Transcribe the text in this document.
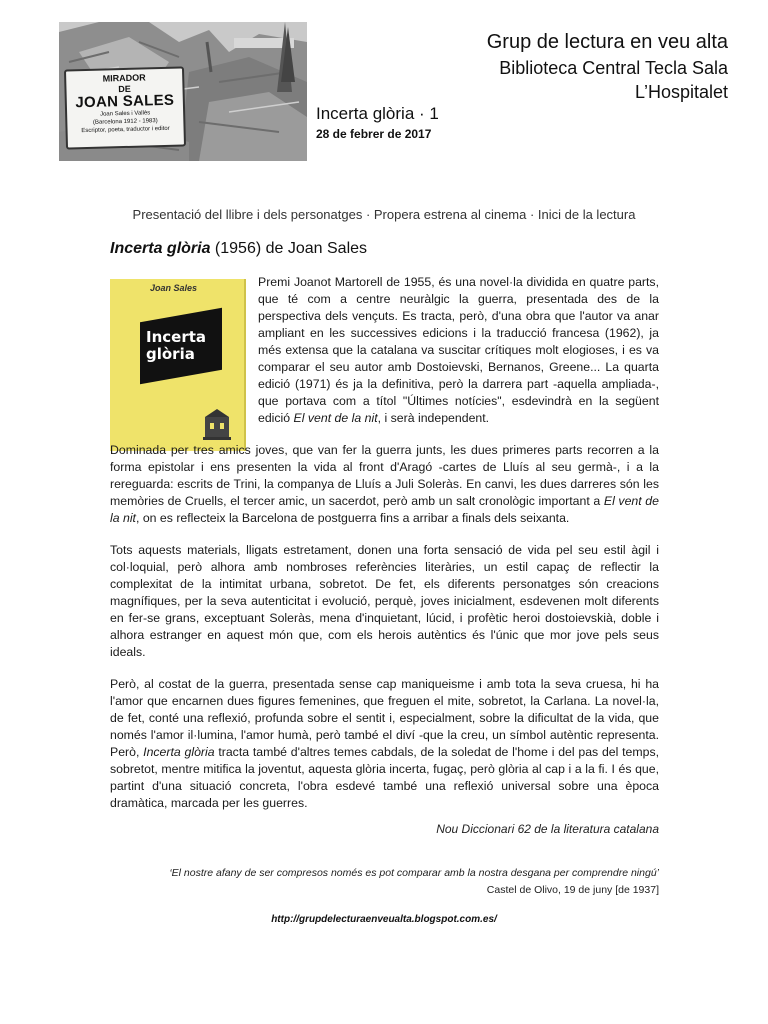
MIRADOR
DE
JOAN SALES
Joan Sales i Vallès
(Barcelona 1912 - 1983)
Escriptor, poeta, traductor i editor
Grup de lectura en veu alta
Biblioteca Central Tecla Sala
L’Hospitalet
Incerta glòria · 1
28 de febrer de 2017
Presentació del llibre i dels personatges · Propera estrena al cinema · Inici de la lectura
Incerta glòria (1956) de Joan Sales
Joan Sales
Incerta
glòria

Premi Joanot Martorell de 1955, és una novel·la dividida en quatre parts, que té com a centre neuràlgic la guerra, presentada des de la perspectiva dels vençuts. Es tracta, però, d'una obra que l'autor va anar ampliant en les successives edicions i la traducció francesa (1962), ja més extensa que la catalana va suscitar crítiques molt elogioses, i es va comparar el seu autor amb Dostoievski, Bernanos, Greene... La quarta edició (1971) és ja la definitiva, però la darrera part -aquella ampliada-, que portava com a títol "Últimes notícies", esdevindrà en la següent edició El vent de la nit, i serà independent.

Dominada per tres amics joves, que van fer la guerra junts, les dues primeres parts recorren a la forma epistolar i ens presenten la vida al front d'Aragó -cartes de Lluís al seu germà-, i a la rereguarda: escrits de Trini, la companya de Lluís a Juli Soleràs. En canvi, les dues darreres són les memòries de Cruells, el tercer amic, un sacerdot, però amb un salt cronològic important a El vent de la nit, on es reflecteix la Barcelona de postguerra fins a arribar a finals dels seixanta.

Tots aquests materials, lligats estretament, donen una forta sensació de vida pel seu estil àgil i col·loquial, però alhora amb nombroses referències literàries, un estil capaç de reflectir la complexitat de la intimitat urbana, sobretot. De fet, els diferents personatges són creacions magnífiques, per la seva autenticitat i evolució, perquè, joves inicialment, esdevenen molt diferents en fer-se grans, exceptuant Soleràs, mena d'inquietant, lúcid, i profètic heroi dostoievskià, doble i alhora estranger en aquest món que, com els herois autèntics és l'únic que mor jove pels seus ideals.

Però, al costat de la guerra, presentada sense cap maniqueisme i amb tota la seva cruesa, hi ha l'amor que encarnen dues figures femenines, que freguen el mite, sobretot, la Carlana. La novel·la, de fet, conté una reflexió, profunda sobre el sentit i, especialment, sobre la dificultat de la vida, que només l'amor il·lumina, l'amor humà, però també el diví -que la creu, un símbol autèntic representa. Però, Incerta glòria tracta també d'altres temes cabdals, de la soledat de l'home i del pas del temps, sobretot, mentre mitifica la joventut, aquesta glòria incerta, fugaç, però glòria al cap i a la fi. I és que, partint d'una situació concreta, l'obra esdevé també una reflexió universal sobre una època dramàtica, marcada per les guerres.

Nou Diccionari 62 de la literatura catalana
‘El nostre afany de ser compresos només es pot comparar amb la nostra desgana per comprendre ningú’
Castel de Olivo, 19 de juny [de 1937]
http://grupdelecturaenveualta.blogspot.com.es/
